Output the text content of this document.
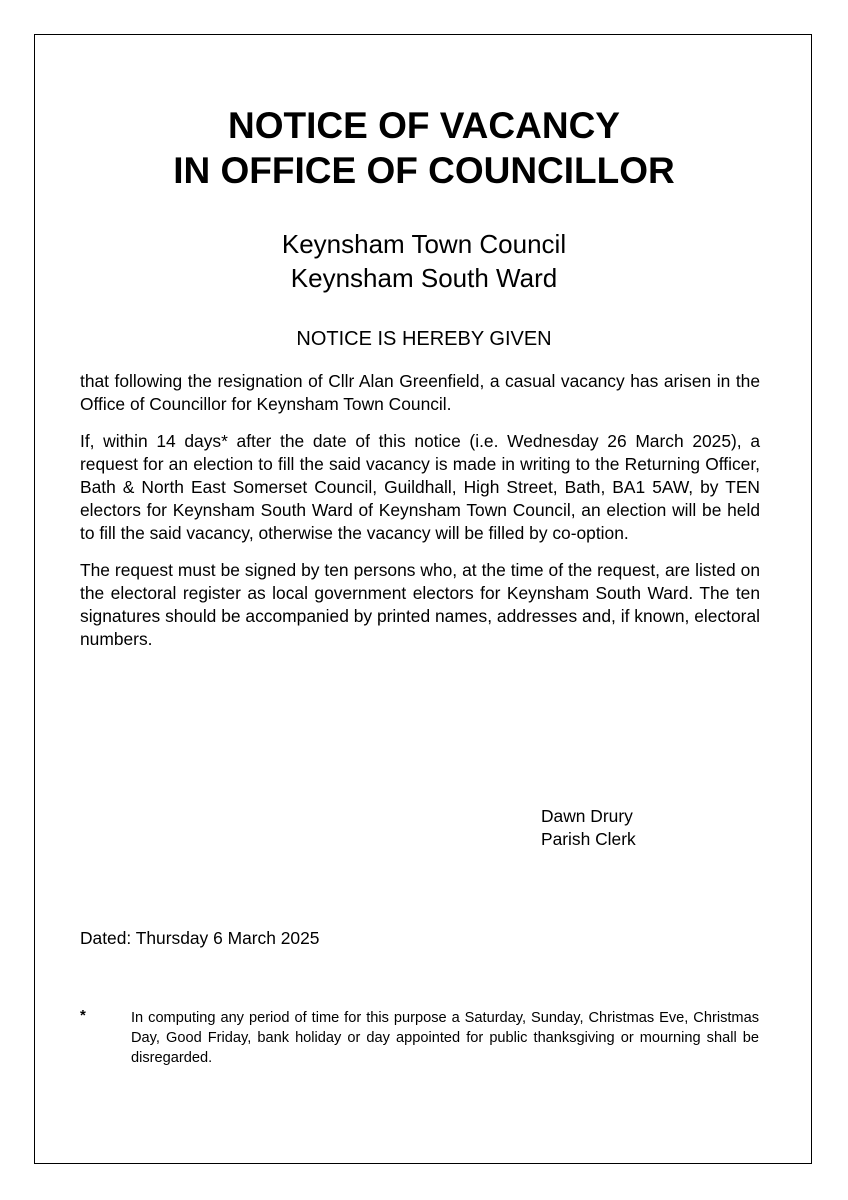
NOTICE OF VACANCY
IN OFFICE OF COUNCILLOR
Keynsham Town Council
Keynsham South Ward
NOTICE IS HEREBY GIVEN

that following the resignation of Cllr Alan Greenfield, a casual vacancy has arisen in the Office of Councillor for Keynsham Town Council.

If, within 14 days* after the date of this notice (i.e. Wednesday 26 March 2025), a request for an election to fill the said vacancy is made in writing to the Returning Officer, Bath & North East Somerset Council, Guildhall, High Street, Bath, BA1 5AW, by TEN electors for Keynsham South Ward of Keynsham Town Council, an election will be held to fill the said vacancy, otherwise the vacancy will be filled by co-option.

The request must be signed by ten persons who, at the time of the request, are listed on the electoral register as local government electors for Keynsham South Ward. The ten signatures should be accompanied by printed names, addresses and, if known, electoral numbers.

Dawn Drury
Parish Clerk
Dated: Thursday 6 March 2025
*	In computing any period of time for this purpose a Saturday, Sunday, Christmas Eve, Christmas Day, Good Friday, bank holiday or day appointed for public thanksgiving or mourning shall be disregarded.
